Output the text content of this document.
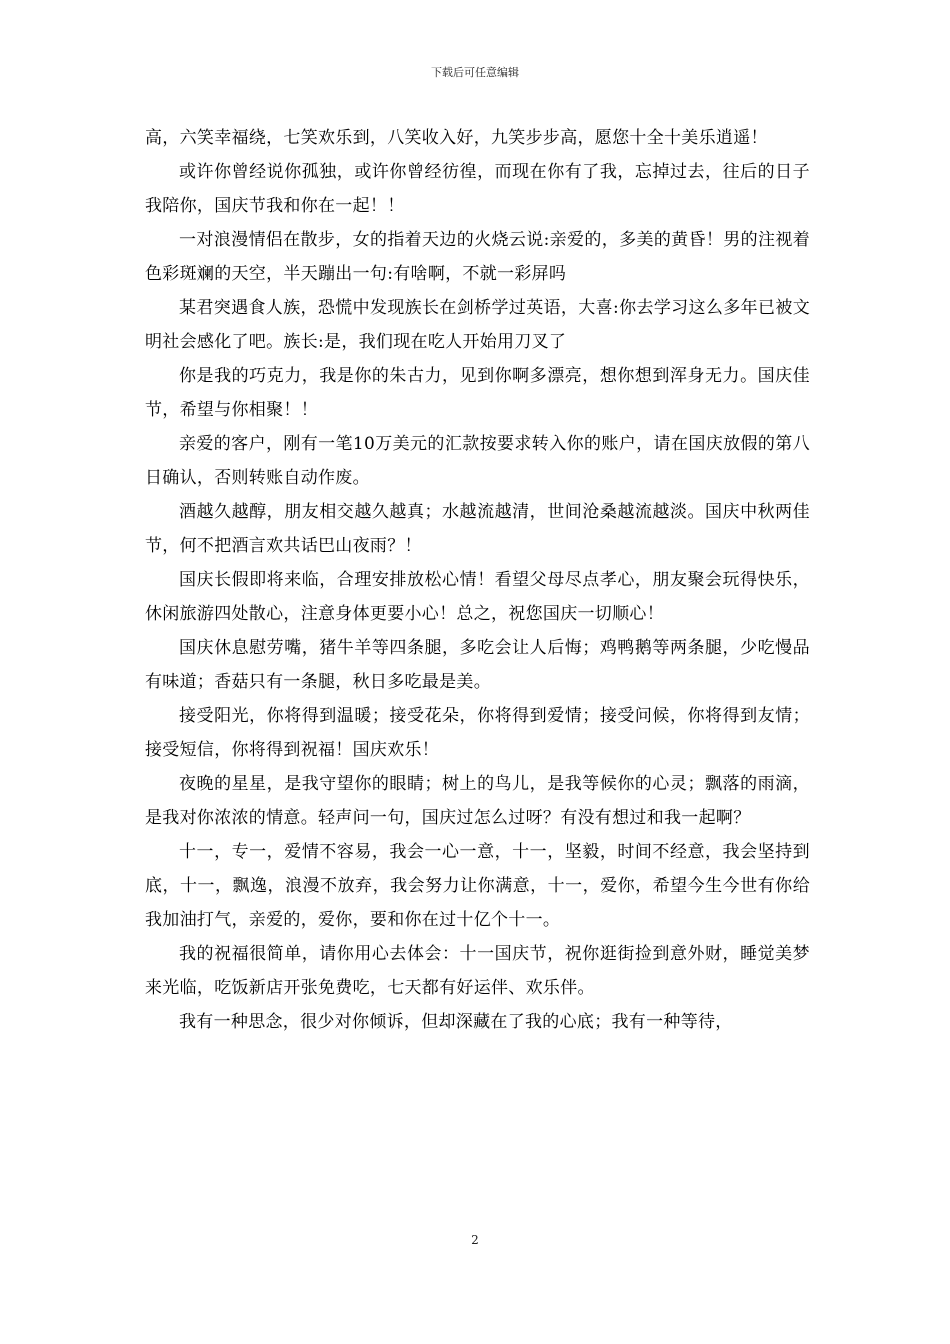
下载后可任意编辑

高，六笑幸福绕，七笑欢乐到，八笑收入好，九笑步步高，愿您十全十美乐逍遥！

或许你曾经说你孤独，或许你曾经彷徨，而现在你有了我，忘掉过去，往后的日子我陪你，国庆节我和你在一起！！

一对浪漫情侣在散步，女的指着天边的火烧云说:亲爱的，多美的黄昏！男的注视着色彩斑斓的天空，半天蹦出一句:有啥啊，不就一彩屏吗

某君突遇食人族，恐慌中发现族长在剑桥学过英语，大喜:你去学习这么多年已被文明社会感化了吧。族长:是，我们现在吃人开始用刀叉了

你是我的巧克力，我是你的朱古力，见到你啊多漂亮，想你想到浑身无力。国庆佳节，希望与你相聚！！

亲爱的客户，刚有一笔10万美元的汇款按要求转入你的账户，请在国庆放假的第八日确认，否则转账自动作废。

酒越久越醇，朋友相交越久越真；水越流越清，世间沧桑越流越淡。国庆中秋两佳节，何不把酒言欢共话巴山夜雨？！

国庆长假即将来临，合理安排放松心情！看望父母尽点孝心，朋友聚会玩得快乐，休闲旅游四处散心，注意身体更要小心！总之，祝您国庆一切顺心！

国庆休息慰劳嘴，猪牛羊等四条腿，多吃会让人后悔；鸡鸭鹅等两条腿，少吃慢品有味道；香菇只有一条腿，秋日多吃最是美。

接受阳光，你将得到温暖；接受花朵，你将得到爱情；接受问候，你将得到友情；接受短信，你将得到祝福！国庆欢乐！

夜晚的星星，是我守望你的眼睛；树上的鸟儿，是我等候你的心灵；飘落的雨滴，是我对你浓浓的情意。轻声问一句，国庆过怎么过呀？有没有想过和我一起啊？

十一，专一，爱情不容易，我会一心一意，十一，坚毅，时间不经意，我会坚持到底，十一，飘逸，浪漫不放弃，我会努力让你满意，十一，爱你，希望今生今世有你给我加油打气，亲爱的，爱你，要和你在过十亿个十一。

我的祝福很简单，请你用心去体会：十一国庆节，祝你逛街捡到意外财，睡觉美梦来光临，吃饭新店开张免费吃，七天都有好运伴、欢乐伴。

我有一种思念，很少对你倾诉，但却深藏在了我的心底；我有一种等待，

2
